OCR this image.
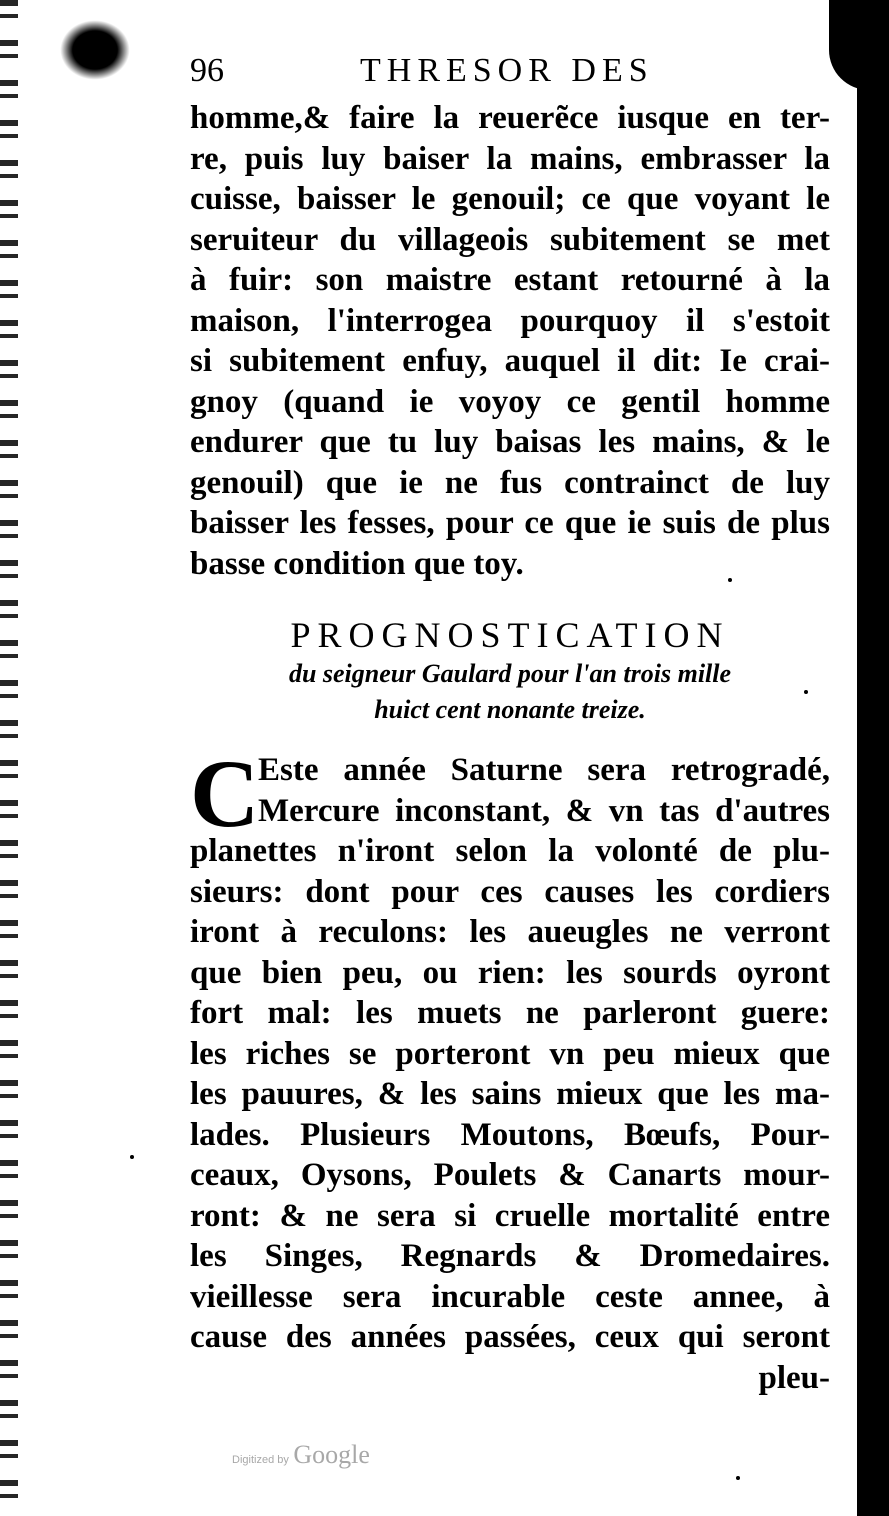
96	THRESOR DES
homme,& faire la reuerẽce iusque en ter-
re, puis luy baiser la mains, embrasser la
cuisse, baisser le genouil; ce que voyant le
seruiteur du villageois subitement se met
à fuir: son maistre estant retourné à la
maison, l'interrogea pourquoy il s'estoit
si subitement enfuy, auquel il dit: Ie crai-
gnoy (quand ie voyoy ce gentil homme
endurer que tu luy baisas les mains, & le
genouil) que ie ne fus contrainct de luy
baisser les fesses, pour ce que ie suis de plus
basse condition que toy.
PROGNOSTICATION
du seigneur Gaulard pour l'an trois mille
huict cent nonante treize.
C
Este année Saturne sera retrogradé,
Mercure inconstant, & vn tas d'autres
planettes n'iront selon la volonté de plu-
sieurs: dont pour ces causes les cordiers
iront à reculons: les aueugles ne verront
que bien peu, ou rien: les sourds oyront
fort mal: les muets ne parleront guere:
les riches se porteront vn peu mieux que
les pauures, & les sains mieux que les ma-
lades. Plusieurs Moutons, Bœufs, Pour-
ceaux, Oysons, Poulets & Canarts mour-
ront: & ne sera si cruelle mortalité entre
les Singes, Regnards & Dromedaires.
vieillesse sera incurable ceste annee, à
cause des années passées, ceux qui seront
pleu-
Digitized by Google
